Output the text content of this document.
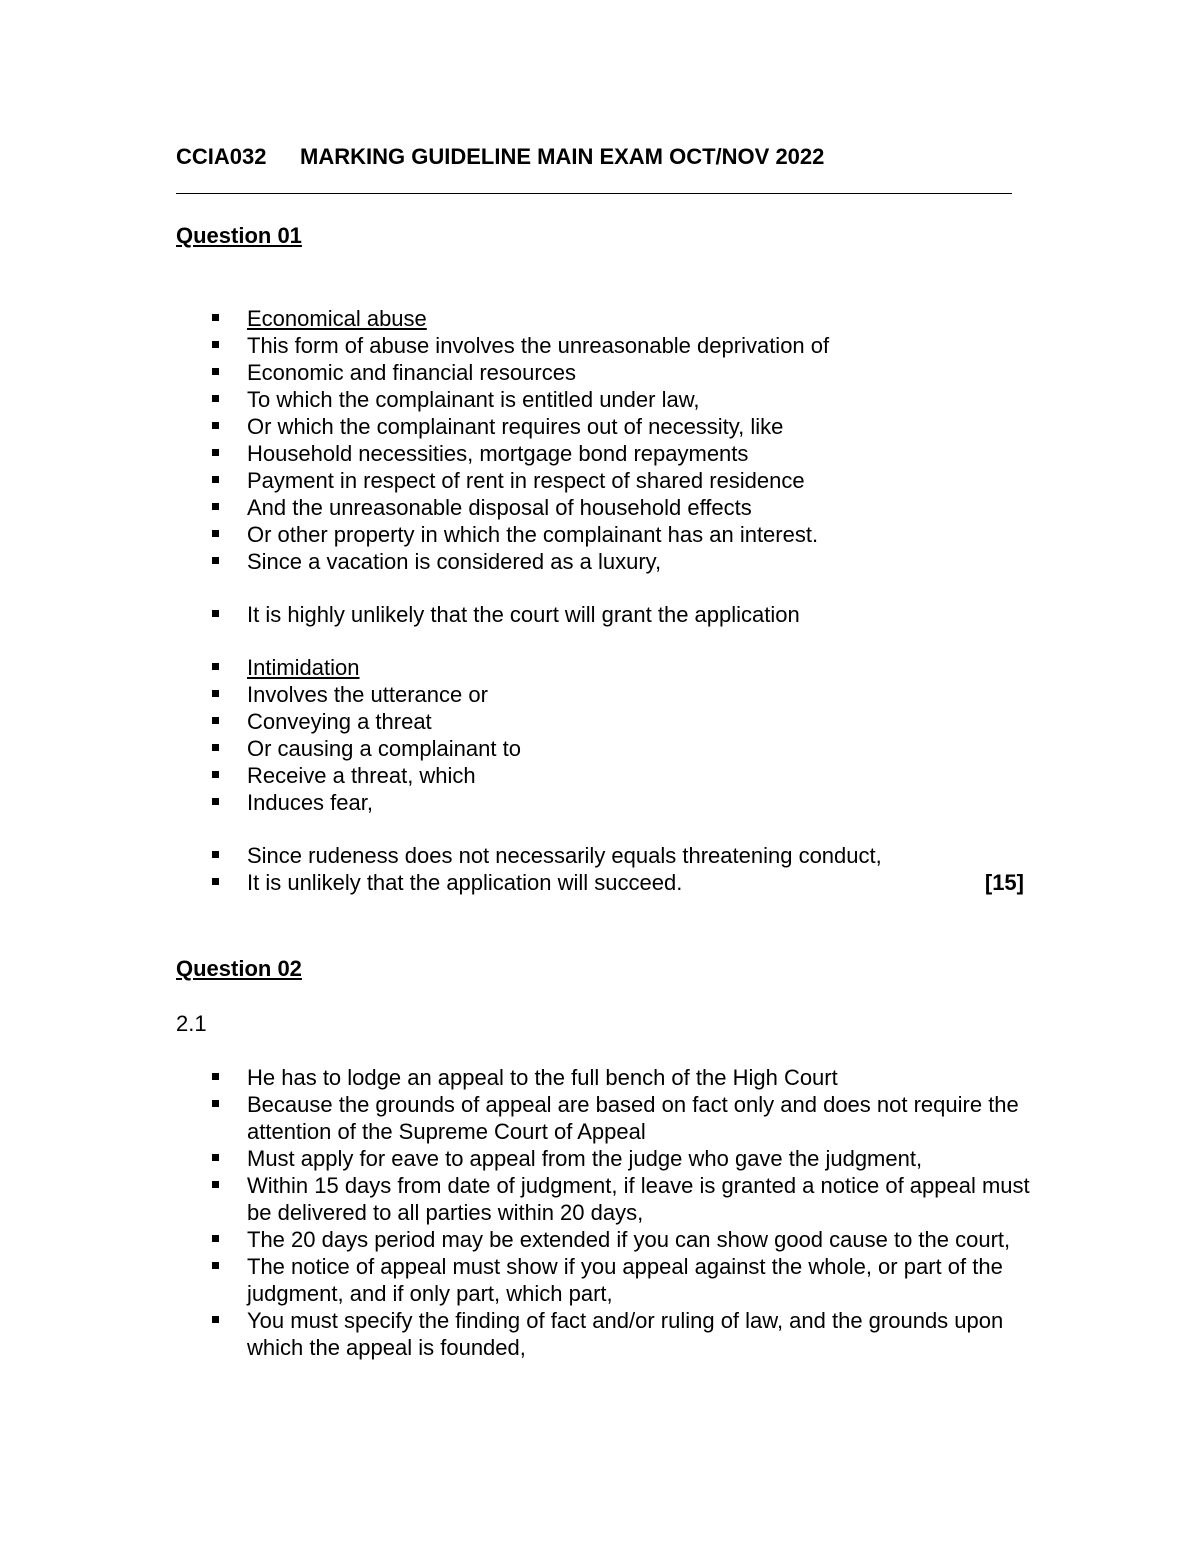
CCIA032 MARKING GUIDELINE MAIN EXAM OCT/NOV 2022
Question 01
Economical abuse
This form of abuse involves the unreasonable deprivation of
Economic and financial resources
To which the complainant is entitled under law,
Or which the complainant requires out of necessity, like
Household necessities, mortgage bond repayments
Payment in respect of rent in respect of shared residence
And the unreasonable disposal of household effects
Or other property in which the complainant has an interest.
Since a vacation is considered as a luxury,
It is highly unlikely that the court will grant the application
Intimidation
Involves the utterance or
Conveying a threat
Or causing a complainant to
Receive a threat, which
Induces fear,
Since rudeness does not necessarily equals threatening conduct,
It is unlikely that the application will succeed.	[15]
Question 02
2.1
He has to lodge an appeal to the full bench of the High Court
Because the grounds of appeal are based on fact only and does not require the attention of the Supreme Court of Appeal
Must apply for eave to appeal from the judge who gave the judgment,
Within 15 days from date of judgment, if leave is granted a notice of appeal must be delivered to all parties within 20 days,
The 20 days period may be extended if you can show good cause to the court,
The notice of appeal must show if you appeal against the whole, or part of the judgment, and if only part, which part,
You must specify the finding of fact and/or ruling of law, and the grounds upon which the appeal is founded,
